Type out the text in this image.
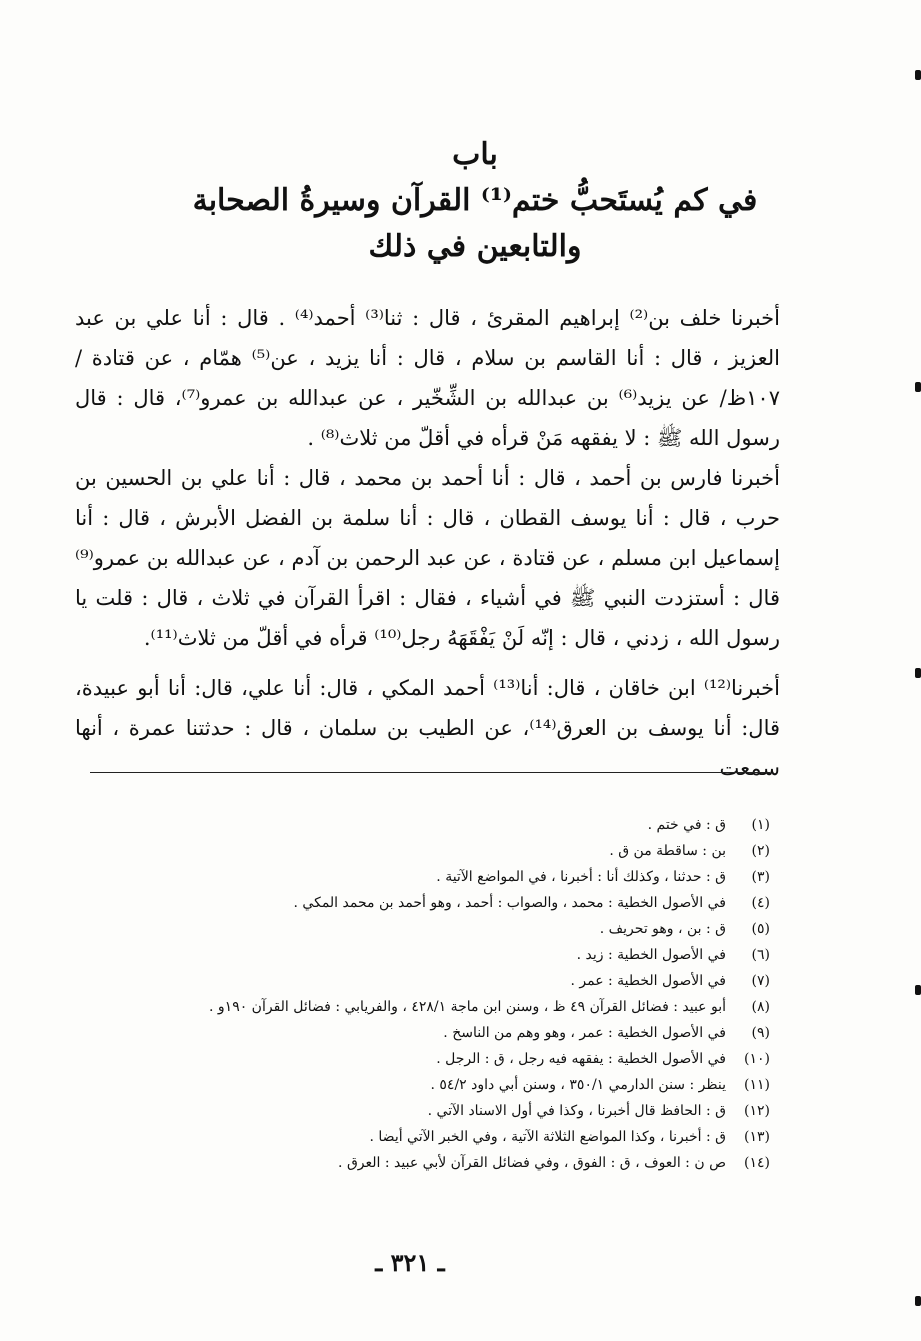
باب
في كم يُستَحبُّ ختم⁽¹⁾ القرآن وسيرةُ الصحابة
والتابعين في ذلك

أخبرنا خلف بن⁽²⁾ إبراهيم المقرئ ، قال : ثنا⁽³⁾ أحمد⁽⁴⁾ . قال : أنا علي بن عبد العزيز ، قال : أنا القاسم بن سلام ، قال : أنا يزيد ، عن⁽⁵⁾ همّام ، عن قتادة /١٠٧ظ/ عن يزيد⁽⁶⁾ بن عبدالله بن الشِّخّير ، عن عبدالله بن عمرو⁽⁷⁾، قال : قال رسول الله ﷺ : لا يفقهه مَنْ قرأه في أقلّ من ثلاث⁽⁸⁾ .

أخبرنا فارس بن أحمد ، قال : أنا أحمد بن محمد ، قال : أنا علي بن الحسين بن حرب ، قال : أنا يوسف القطان ، قال : أنا سلمة بن الفضل الأبرش ، قال : أنا إسماعيل ابن مسلم ، عن قتادة ، عن عبد الرحمن بن آدم ، عن عبدالله بن عمرو⁽⁹⁾ قال : أستزدت النبي ﷺ في أشياء ، فقال : اقرأ القرآن في ثلاث ، قال : قلت يا رسول الله ، زدني ، قال : إنّه لَنْ يَفْقَهَهُ رجل⁽¹⁰⁾ قرأه في أقلّ من ثلاث⁽¹¹⁾.

أخبرنا⁽¹²⁾ ابن خاقان ، قال: أنا⁽¹³⁾ أحمد المكي ، قال: أنا علي، قال: أنا أبو عبيدة، قال: أنا يوسف بن العرق⁽¹⁴⁾، عن الطيب بن سلمان ، قال : حدثتنا عمرة ، أنها سمعت

(١)
ق : في ختم .
(٢)
بن : ساقطة من ق .
(٣)
ق : حدثنا ، وكذلك أنا : أخبرنا ، في المواضع الآتية .
(٤)
في الأصول الخطية : محمد ، والصواب : أحمد ، وهو أحمد بن محمد المكي .
(٥)
ق : بن ، وهو تحريف .
(٦)
في الأصول الخطية : زيد .
(٧)
في الأصول الخطية : عمر .
(٨)
أبو عبيد : فضائل القرآن ٤٩ ظ ، وسنن ابن ماجة ٤٢٨/١ ، والفريابي : فضائل القرآن ١٩٠و .
(٩)
في الأصول الخطية : عمر ، وهو وهم من الناسخ .
(١٠)
في الأصول الخطية : يفقهه فيه رجل ، ق : الرجل .
(١١)
ينظر : سنن الدارمي ٣٥٠/١ ، وسنن أبي داود ٥٤/٢ .
(١٢)
ق : الحافظ قال أخبرنا ، وكذا في أول الاسناد الآتي .
(١٣)
ق : أخبرنا ، وكذا المواضع الثلاثة الآتية ، وفي الخبر الآتي أيضا .
(١٤)
ص ن : العوف ، ق : الفوق ، وفي فضائل القرآن لأبي عبيد : العرق .
ـ ٣٢١ ـ
